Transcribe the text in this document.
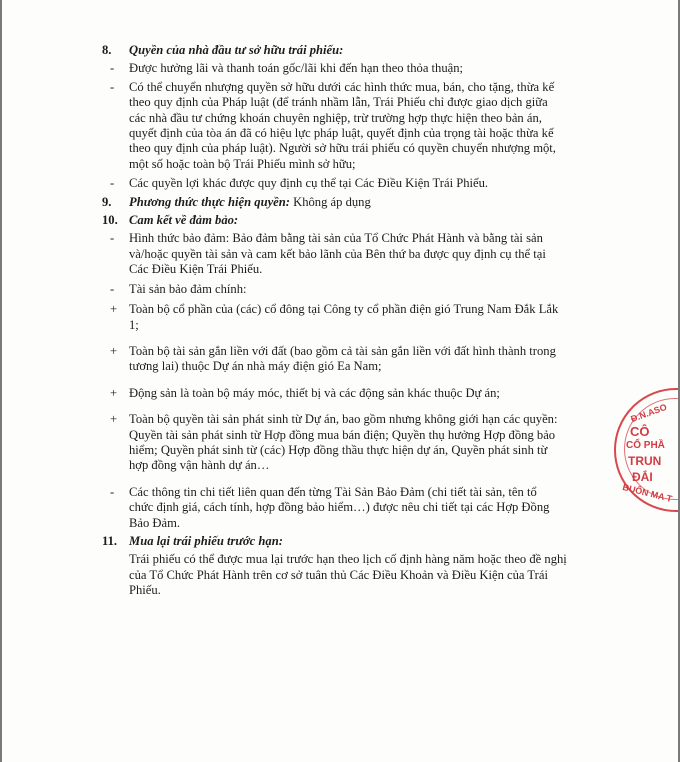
8. Quyền của nhà đầu tư sở hữu trái phiếu:
- Được hưởng lãi và thanh toán gốc/lãi khi đến hạn theo thỏa thuận;
- Có thể chuyển nhượng quyền sở hữu dưới các hình thức mua, bán, cho tặng, thừa kế theo quy định của Pháp luật (để tránh nhầm lẫn, Trái Phiếu chỉ được giao dịch giữa các nhà đầu tư chứng khoán chuyên nghiệp, trừ trường hợp thực hiện theo bản án, quyết định của tòa án đã có hiệu lực pháp luật, quyết định của trọng tài hoặc thừa kế theo quy định của pháp luật). Người sở hữu trái phiếu có quyền chuyển nhượng một, một số hoặc toàn bộ Trái Phiếu mình sở hữu;
- Các quyền lợi khác được quy định cụ thể tại Các Điều Kiện Trái Phiếu.
9. Phương thức thực hiện quyền: Không áp dụng
10. Cam kết về đảm bảo:
- Hình thức bảo đảm: Bảo đảm bằng tài sản của Tổ Chức Phát Hành và bằng tài sản và/hoặc quyền tài sản và cam kết bảo lãnh của Bên thứ ba được quy định cụ thể tại Các Điều Kiện Trái Phiếu.
- Tài sản bảo đảm chính:
+ Toàn bộ cổ phần của (các) cổ đông tại Công ty cổ phần điện gió Trung Nam Đắk Lắk 1;
+ Toàn bộ tài sản gắn liền với đất (bao gồm cả tài sản gắn liền với đất hình thành trong tương lai) thuộc Dự án nhà máy điện gió Ea Nam;
+ Động sản là toàn bộ máy móc, thiết bị và các động sản khác thuộc Dự án;
+ Toàn bộ quyền tài sản phát sinh từ Dự án, bao gồm nhưng không giới hạn các quyền: Quyền tài sản phát sinh từ Hợp đồng mua bán điện; Quyền thụ hưởng Hợp đồng bảo hiểm; Quyền phát sinh từ (các) Hợp đồng thầu thực hiện dự án, Quyền phát sinh từ hợp đồng vận hành dự án…
- Các thông tin chi tiết liên quan đến từng Tài Sản Bảo Đảm (chi tiết tài sản, tên tổ chức định giá, cách tính, hợp đồng bảo hiểm…) được nêu chi tiết tại các Hợp Đồng Bảo Đảm.
11. Mua lại trái phiếu trước hạn:
Trái phiếu có thể được mua lại trước hạn theo lịch cố định hàng năm hoặc theo đề nghị của Tổ Chức Phát Hành trên cơ sở tuân thủ Các Điều Khoản và Điều Kiện của Trái Phiếu.
Đ.N.ASO
CÔ
CỔ PHẦ
TRUN
ĐẮI
BUÔN MA T
